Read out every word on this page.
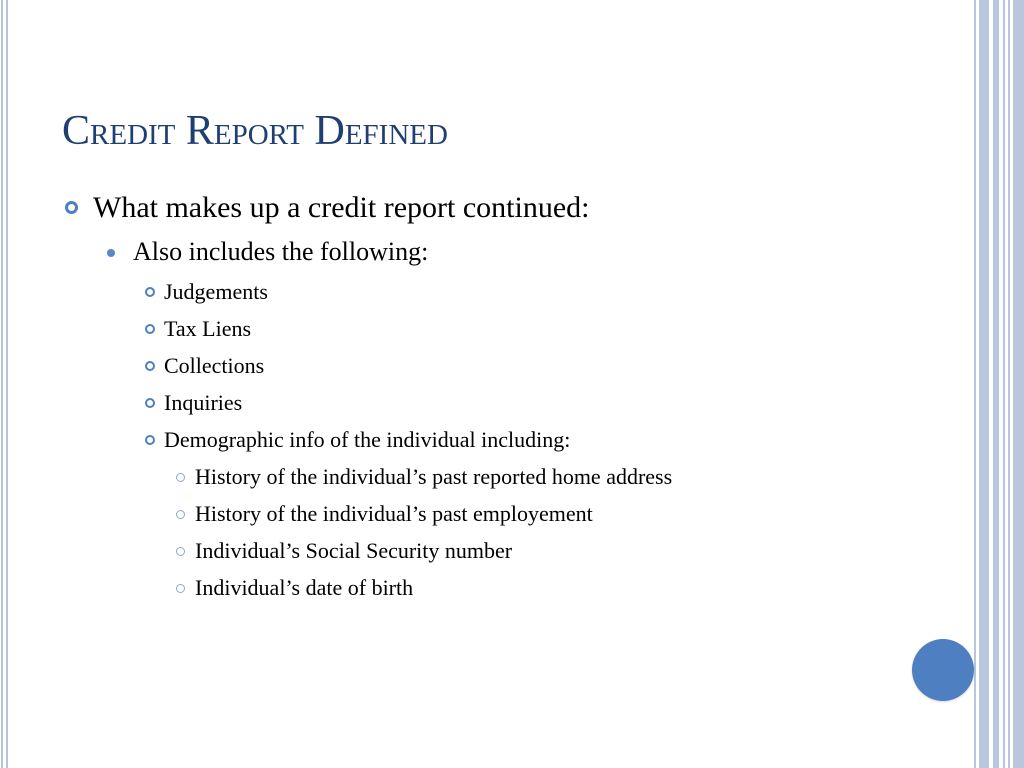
Credit Report Defined
What makes up a credit report continued:
Also includes the following:
Judgements
Tax Liens
Collections
Inquiries
Demographic info of the individual including:
History of the individual’s past reported home address
History of the individual’s past employement
Individual’s Social Security number
Individual’s date of birth
